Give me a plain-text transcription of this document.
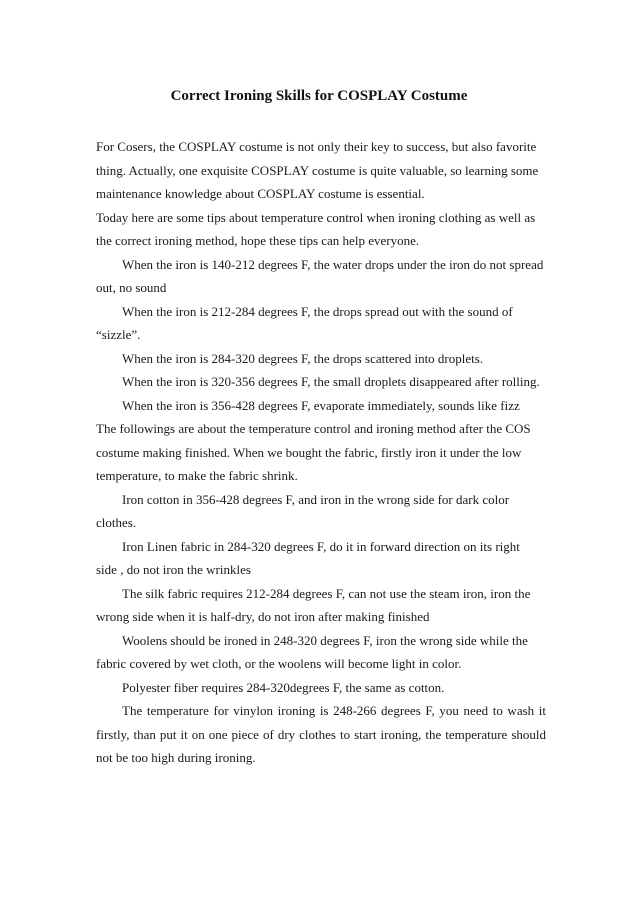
Correct Ironing Skills for COSPLAY Costume
For Cosers, the COSPLAY costume is not only their key to success, but also favorite
thing. Actually, one exquisite COSPLAY costume is quite valuable, so learning some
maintenance knowledge about COSPLAY costume is essential.
Today here are some tips about temperature control when ironing clothing as well as
the correct ironing method, hope these tips can help everyone.
When the iron is 140-212 degrees F, the water drops under the iron do not spread
out, no sound
When the iron is 212-284 degrees F, the drops spread out with the sound of
“sizzle”.
When the iron is 284-320 degrees F, the drops scattered into droplets.
When the iron is 320-356 degrees F, the small droplets disappeared after rolling.
When the iron is 356-428 degrees F, evaporate immediately, sounds like fizz
The followings are about the temperature control and ironing method after the COS
costume making finished. When we bought the fabric, firstly iron it under the low
temperature, to make the fabric shrink.
Iron cotton in 356-428 degrees F, and iron in the wrong side for dark color
clothes.
Iron Linen fabric in 284-320 degrees F, do it in forward direction on its right
side , do not iron the wrinkles
The silk fabric requires 212-284 degrees F, can not use the steam iron, iron the
wrong side when it is half-dry, do not iron after making finished
Woolens should be ironed in 248-320 degrees F, iron the wrong side while the
fabric covered by wet cloth, or the woolens will become light in color.
Polyester fiber requires 284-320degrees F, the same as cotton.
The temperature for vinylon ironing is 248-266 degrees F, you need to wash it
firstly, than put it on one piece of dry clothes to start ironing, the temperature should
not be too high during ironing.
